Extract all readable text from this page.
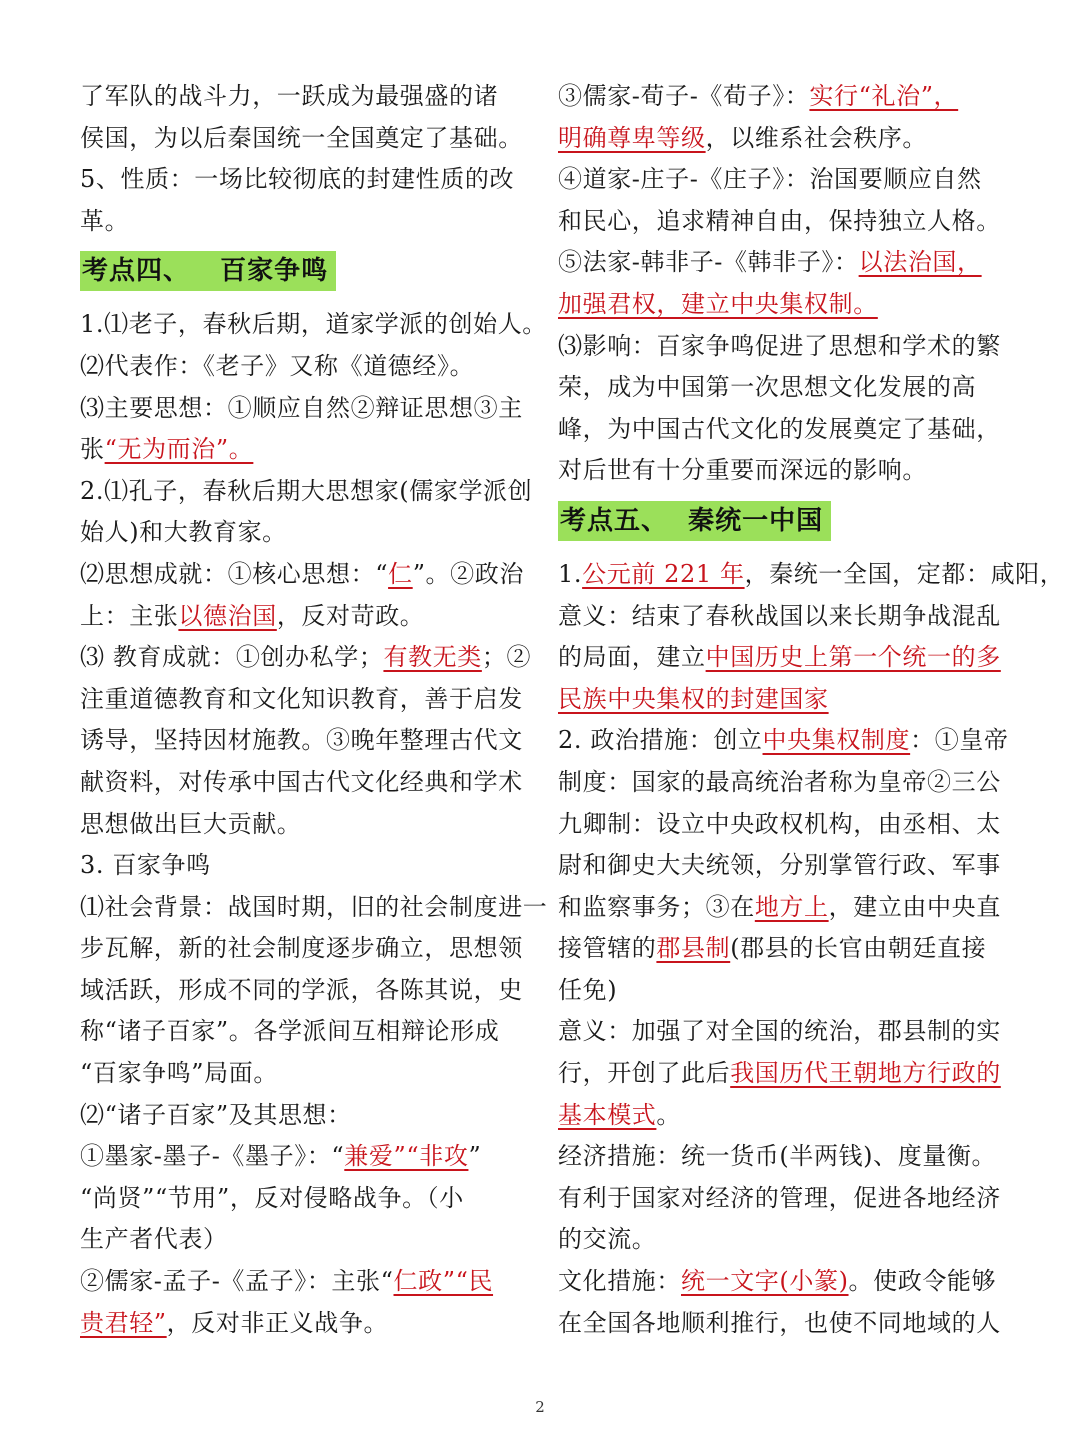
了军队的战斗力，一跃成为最强盛的诸
侯国，为以后秦国统一全国奠定了基础。
5、性质：一场比较彻底的封建性质的改
革。
考点四、   百家争鸣
1.⑴老子，春秋后期，道家学派的创始人。
⑵代表作：《老子》又称《道德经》。
⑶主要思想：①顺应自然②辩证思想③主
张“无为而治”。
2.⑴孔子，春秋后期大思想家(儒家学派创
始人)和大教育家。
⑵思想成就：①核心思想：“仁”。②政治
上：主张以德治国，反对苛政。
⑶ 教育成就：①创办私学；有教无类；②
注重道德教育和文化知识教育，善于启发
诱导，坚持因材施教。③晚年整理古代文
献资料，对传承中国古代文化经典和学术
思想做出巨大贡献。
3. 百家争鸣
⑴社会背景：战国时期，旧的社会制度进一
步瓦解，新的社会制度逐步确立，思想领
域活跃，形成不同的学派，各陈其说，史
称“诸子百家”。各学派间互相辩论形成
“百家争鸣”局面。
⑵“诸子百家”及其思想：
①墨家-墨子-《墨子》：“兼爱”“非攻”
“尚贤”“节用”，反对侵略战争。（小
生产者代表）
②儒家-孟子-《孟子》：主张“仁政”“民
贵君轻”，反对非正义战争。
③儒家-荀子-《荀子》：实行“礼治”，
明确尊卑等级，以维系社会秩序。
④道家-庄子-《庄子》：治国要顺应自然
和民心，追求精神自由，保持独立人格。
⑤法家-韩非子-《韩非子》：以法治国，
加强君权，建立中央集权制。
⑶影响：百家争鸣促进了思想和学术的繁
荣，成为中国第一次思想文化发展的高
峰，为中国古代文化的发展奠定了基础，
对后世有十分重要而深远的影响。
考点五、  秦统一中国
1.公元前 221 年，秦统一全国，定都：咸阳，
意义：结束了春秋战国以来长期争战混乱
的局面，建立中国历史上第一个统一的多
民族中央集权的封建国家
2. 政治措施：创立中央集权制度：①皇帝
制度：国家的最高统治者称为皇帝②三公
九卿制：设立中央政权机构，由丞相、太
尉和御史大夫统领，分别掌管行政、军事
和监察事务；③在地方上，建立由中央直
接管辖的郡县制(郡县的长官由朝廷直接
任免)
意义：加强了对全国的统治，郡县制的实
行，开创了此后我国历代王朝地方行政的
基本模式。
经济措施：统一货币(半两钱)、度量衡。
有利于国家对经济的管理，促进各地经济
的交流。
文化措施：统一文字(小篆)。使政令能够
在全国各地顺利推行，也使不同地域的人
2
